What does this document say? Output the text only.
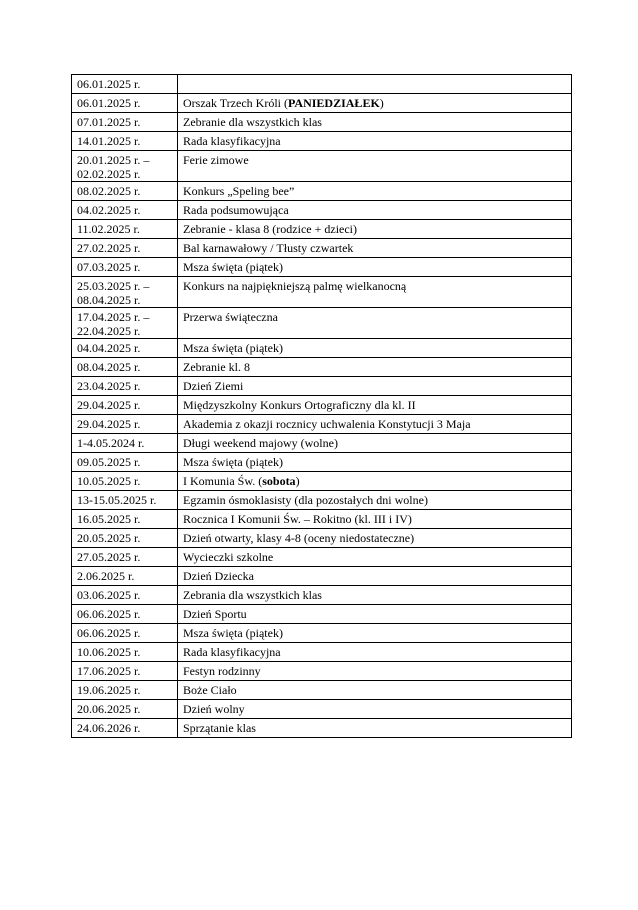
06.01.2025 r.	
06.01.2025 r.	Orszak Trzech Króli (PANIEDZIAŁEK)
07.01.2025 r.	Zebranie dla wszystkich klas
14.01.2025 r.	Rada klasyfikacyjna
20.01.2025 r. – 02.02.2025 r.	Ferie zimowe
08.02.2025 r.	Konkurs „Speling bee”
04.02.2025 r.	Rada podsumowująca
11.02.2025 r.	Zebranie - klasa 8 (rodzice + dzieci)
27.02.2025 r.	Bal karnawałowy / Tłusty czwartek
07.03.2025 r.	Msza święta (piątek)
25.03.2025 r. – 08.04.2025 r.	Konkurs na najpiękniejszą palmę wielkanocną
17.04.2025 r. – 22.04.2025 r.	Przerwa świąteczna
04.04.2025 r.	Msza święta (piątek)
08.04.2025 r.	Zebranie kl. 8
23.04.2025 r.	Dzień Ziemi
29.04.2025 r.	Międzyszkolny Konkurs Ortograficzny dla kl. II
29.04.2025 r.	Akademia z okazji rocznicy uchwalenia Konstytucji 3 Maja
1-4.05.2024 r.	Długi weekend majowy (wolne)
09.05.2025 r.	Msza święta (piątek)
10.05.2025 r.	I Komunia Św. (sobota)
13-15.05.2025 r.	Egzamin ósmoklasisty (dla pozostałych dni wolne)
16.05.2025 r.	Rocznica I Komunii Św. – Rokitno (kl. III i IV)
20.05.2025 r.	Dzień otwarty, klasy 4-8 (oceny niedostateczne)
27.05.2025 r.	Wycieczki szkolne
2.06.2025 r.	Dzień Dziecka
03.06.2025 r.	Zebrania dla wszystkich klas
06.06.2025 r.	Dzień Sportu
06.06.2025 r.	Msza święta (piątek)
10.06.2025 r.	Rada klasyfikacyjna
17.06.2025 r.	Festyn rodzinny
19.06.2025 r.	Boże Ciało
20.06.2025 r.	Dzień wolny
24.06.2026 r.	Sprzątanie klas
